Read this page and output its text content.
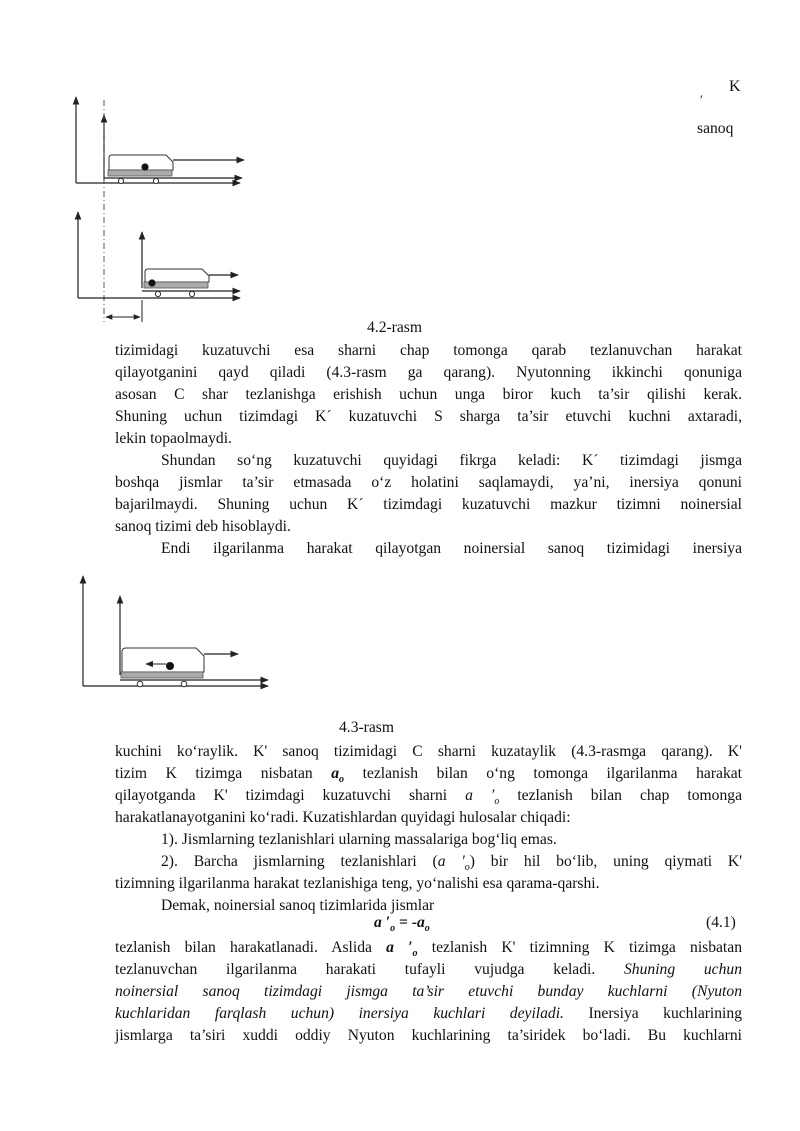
K
′
sanoq
4.2-rasm
tizimidagi kuzatuvchi esa sharni chap tomonga qarab tezlanuvchan harakat
qilayotganini qayd qiladi (4.3-rasm ga qarang). Nyutonning ikkinchi qonuniga
asosan C shar tezlanishga erishish uchun unga biror kuch ta’sir qilishi kerak.
Shuning uchun tizimdagi K´ kuzatuvchi S sharga ta’sir etuvchi kuchni axtaradi,
lekin topaolmaydi.
Shundan so‘ng kuzatuvchi quyidagi fikrga keladi: K´ tizimdagi jismga
boshqa jismlar ta’sir etmasada o‘z holatini saqlamaydi, ya’ni, inersiya qonuni
bajarilmaydi. Shuning uchun K´ tizimdagi kuzatuvchi mazkur tizimni noinersial
sanoq tizimi deb hisoblaydi.
Endi ilgarilanma harakat qilayotgan noinersial sanoq tizimidagi inersiya
4.3-rasm
kuchini ko‘raylik. K' sanoq tizimidagi C sharni kuzataylik (4.3-rasmga qarang). K'
tizim K tizimga nisbatan $a_o$ tezlanish bilan o‘ng tomonga ilgarilanma harakat
qilayotganda K' tizimdagi kuzatuvchi sharni a $'_o$ tezlanish bilan chap tomonga
harakatlanayotganini ko‘radi. Kuzatishlardan quyidagi hulosalar chiqadi:
1). Jismlarning tezlanishlari ularning massalariga bog‘liq emas.
2). Barcha jismlarning tezlanishlari (a $'_o$) bir hil bo‘lib, uning qiymati K'
tizimning ilgarilanma harakat tezlanishiga teng, yo‘nalishi esa qarama-qarshi.
Demak, noinersial sanoq tizimlarida jismlar
a $'_o = -a_o$	(4.1)
tezlanish bilan harakatlanadi. Aslida a $'_o$ tezlanish K' tizimning K tizimga nisbatan
tezlanuvchan ilgarilanma harakati tufayli vujudga keladi. Shuning uchun
noinersial sanoq tizimdagi jismga ta’sir etuvchi bunday kuchlarni (Nyuton
kuchlaridan farqlash uchun) inersiya kuchlari deyiladi. Inersiya kuchlarining
jismlarga ta’siri xuddi oddiy Nyuton kuchlarining ta’siridek bo‘ladi. Bu kuchlarni
